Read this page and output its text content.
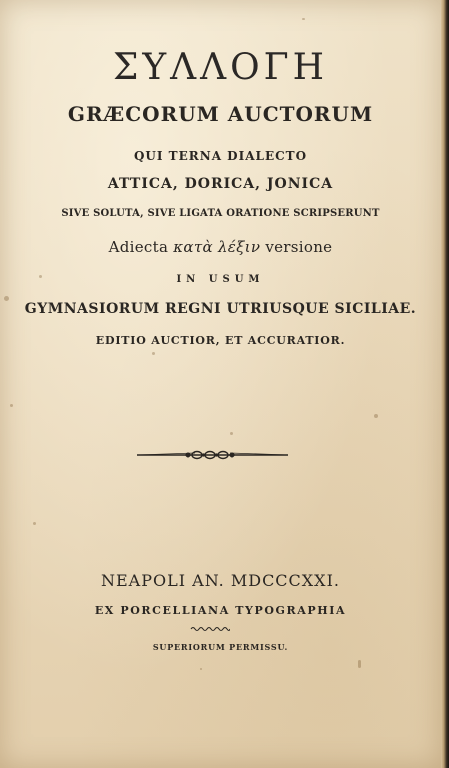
ΣΥΛΛΟΓΗ
GRÆCORUM AUCTORUM
QUI TERNA DIALECTO
ATTICA, DORICA, JONICA
SIVE SOLUTA, SIVE LIGATA ORATIONE SCRIPSERUNT
Adiecta κατὰ λέξιν versione
IN USUM
GYMNASIORUM REGNI UTRIUSQUE SICILIAE.
EDITIO AUCTIOR, ET ACCURATIOR.
NEAPOLI AN. MDCCCXXI.
EX PORCELLIANA TYPOGRAPHIA
SUPERIORUM PERMISSU.
